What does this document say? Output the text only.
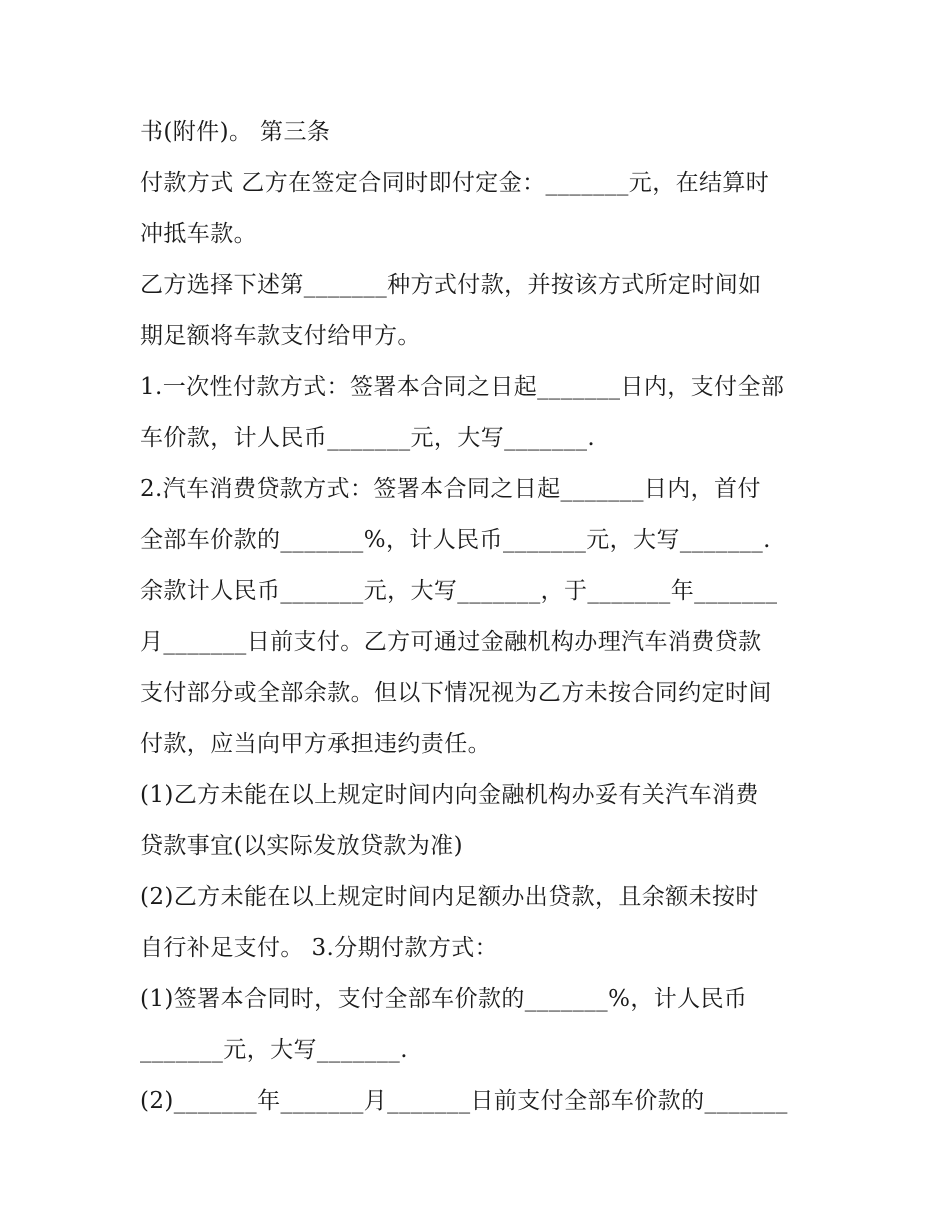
书(附件)。 第三条
付款方式 乙方在签定合同时即付定金：_______元，在结算时
冲抵车款。
乙方选择下述第_______种方式付款，并按该方式所定时间如
期足额将车款支付给甲方。
1.一次性付款方式：签署本合同之日起_______日内，支付全部
车价款，计人民币_______元，大写_______.
2.汽车消费贷款方式：签署本合同之日起_______日内，首付
全部车价款的_______%，计人民币_______元，大写_______.
余款计人民币_______元，大写_______，于_______年_______
月_______日前支付。乙方可通过金融机构办理汽车消费贷款
支付部分或全部余款。但以下情况视为乙方未按合同约定时间
付款，应当向甲方承担违约责任。
(1)乙方未能在以上规定时间内向金融机构办妥有关汽车消费
贷款事宜(以实际发放贷款为准)
(2)乙方未能在以上规定时间内足额办出贷款，且余额未按时
自行补足支付。 3.分期付款方式：
(1)签署本合同时，支付全部车价款的_______%，计人民币
_______元，大写_______.
(2)_______年_______月_______日前支付全部车价款的_______
